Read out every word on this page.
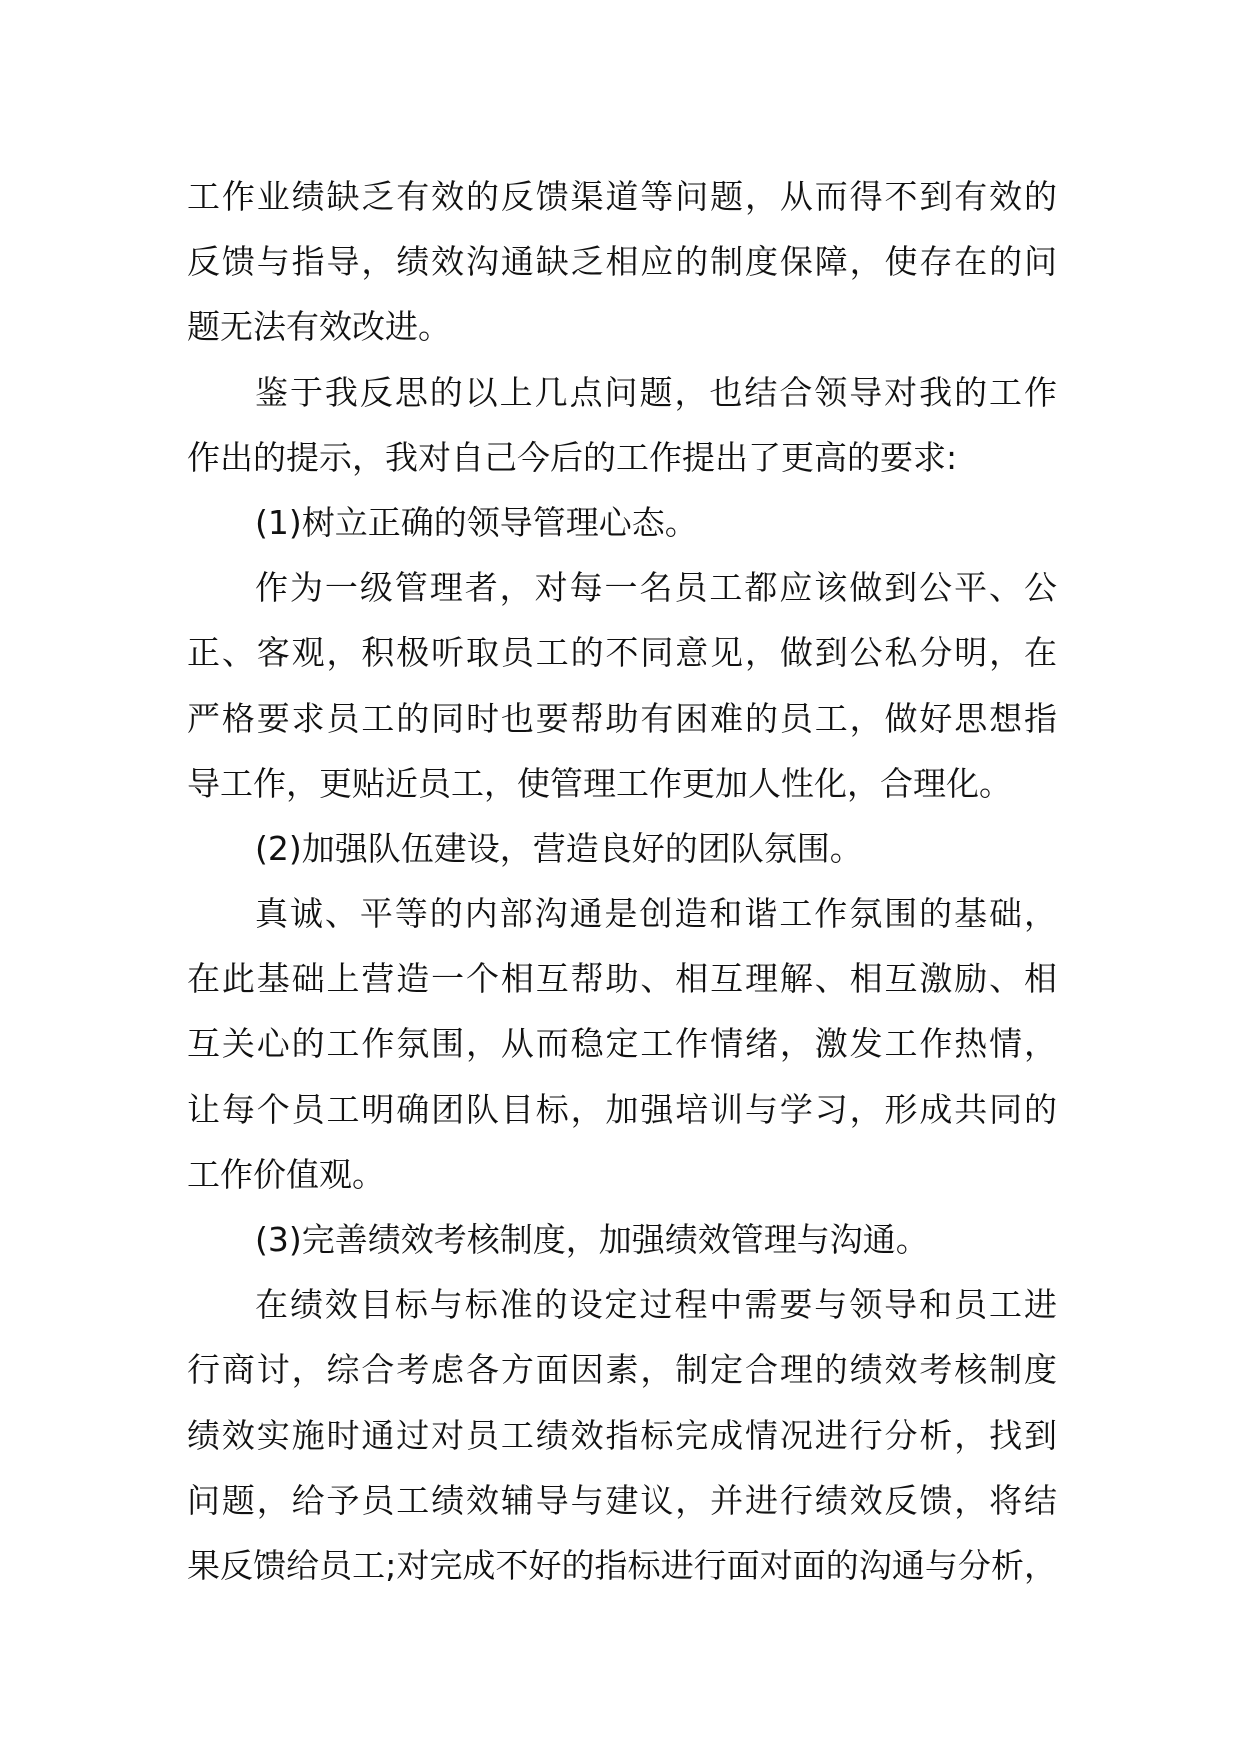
工作业绩缺乏有效的反馈渠道等问题，从而得不到有效的
反馈与指导，绩效沟通缺乏相应的制度保障，使存在的问
题无法有效改进。
鉴于我反思的以上几点问题，也结合领导对我的工作
作出的提示，我对自己今后的工作提出了更高的要求:
(1)树立正确的领导管理心态。
作为一级管理者，对每一名员工都应该做到公平、公
正、客观，积极听取员工的不同意见，做到公私分明，在
严格要求员工的同时也要帮助有困难的员工，做好思想指
导工作，更贴近员工，使管理工作更加人性化，合理化。
(2)加强队伍建设，营造良好的团队氛围。
真诚、平等的内部沟通是创造和谐工作氛围的基础，
在此基础上营造一个相互帮助、相互理解、相互激励、相
互关心的工作氛围，从而稳定工作情绪，激发工作热情，
让每个员工明确团队目标，加强培训与学习，形成共同的
工作价值观。
(3)完善绩效考核制度，加强绩效管理与沟通。
在绩效目标与标准的设定过程中需要与领导和员工进
行商讨，综合考虑各方面因素，制定合理的绩效考核制度
绩效实施时通过对员工绩效指标完成情况进行分析，找到
问题，给予员工绩效辅导与建议，并进行绩效反馈，将结
果反馈给员工;对完成不好的指标进行面对面的沟通与分析，
